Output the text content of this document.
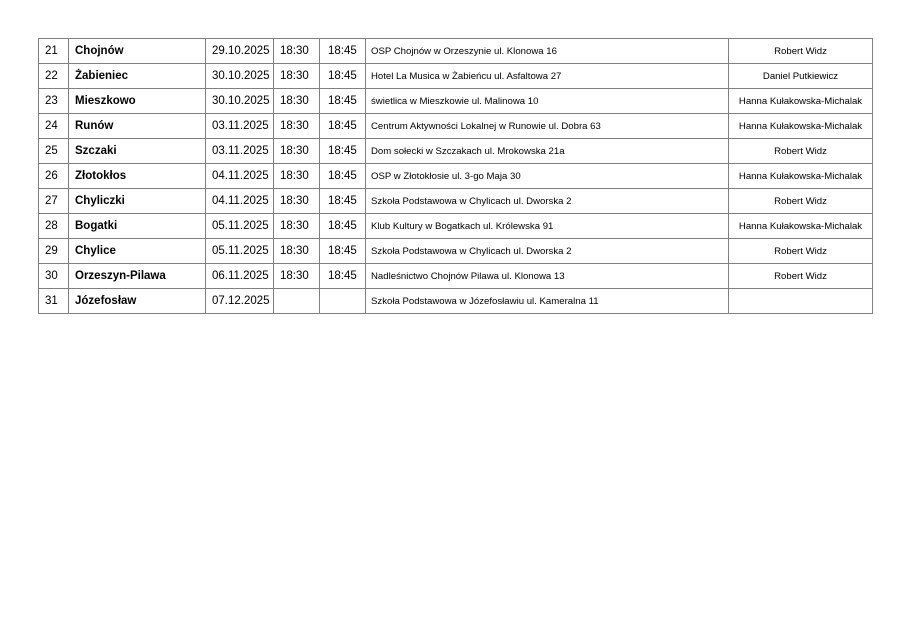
21	Chojnów	29.10.2025	18:30	18:45	OSP Chojnów w Orzeszynie ul. Klonowa 16	Robert Widz
22	Żabieniec	30.10.2025	18:30	18:45	Hotel La Musica w Żabieńcu ul. Asfaltowa 27	Daniel Putkiewicz
23	Mieszkowo	30.10.2025	18:30	18:45	świetlica w Mieszkowie ul. Malinowa 10	Hanna Kułakowska-Michalak
24	Runów	03.11.2025	18:30	18:45	Centrum Aktywności Lokalnej w Runowie ul. Dobra 63	Hanna Kułakowska-Michalak
25	Szczaki	03.11.2025	18:30	18:45	Dom sołecki w Szczakach ul. Mrokowska 21a	Robert Widz
26	Złotokłos	04.11.2025	18:30	18:45	OSP w Złotokłosie ul. 3-go Maja 30	Hanna Kułakowska-Michalak
27	Chyliczki	04.11.2025	18:30	18:45	Szkoła Podstawowa w Chylicach ul. Dworska 2	Robert Widz
28	Bogatki	05.11.2025	18:30	18:45	Klub Kultury w Bogatkach ul. Królewska 91	Hanna Kułakowska-Michalak
29	Chylice	05.11.2025	18:30	18:45	Szkoła Podstawowa w Chylicach ul. Dworska 2	Robert Widz
30	Orzeszyn-Pilawa	06.11.2025	18:30	18:45	Nadleśnictwo Chojnów Pilawa ul. Klonowa 13	Robert Widz
31	Józefosław	07.12.2025			Szkoła Podstawowa w Józefosławiu ul. Kameralna 11	
